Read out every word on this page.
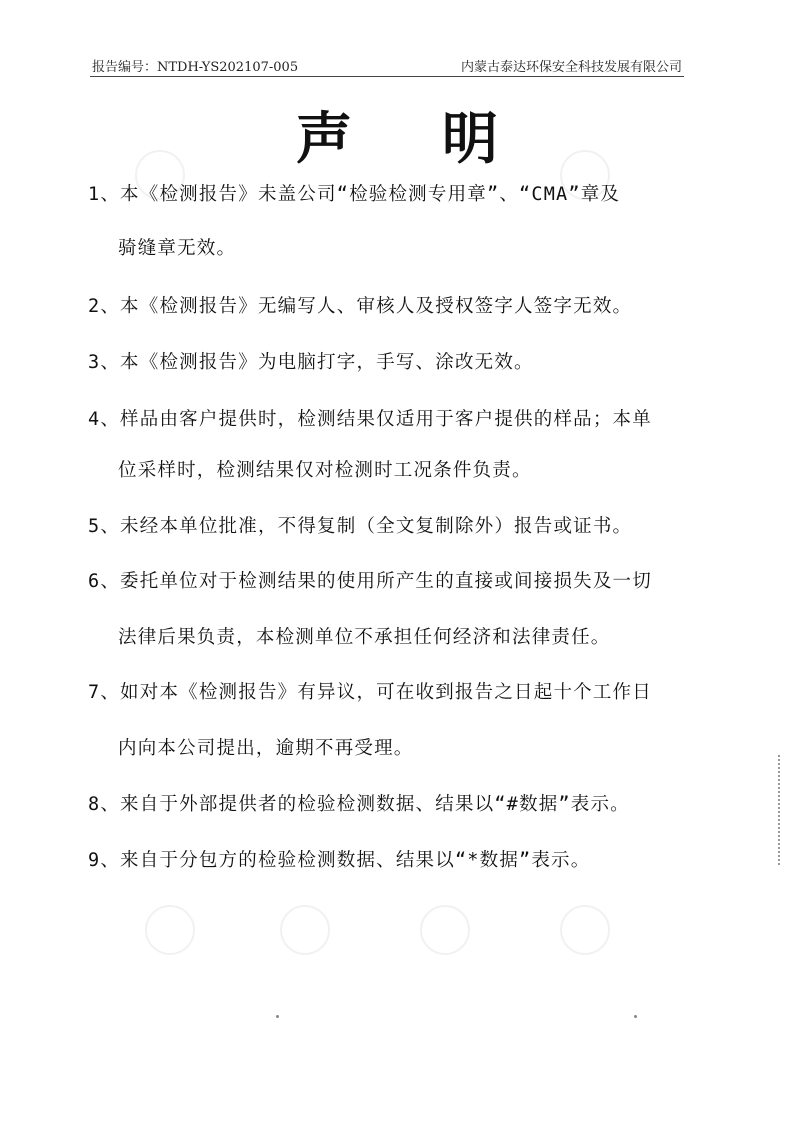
报告编号：NTDH-YS202107-005	内蒙古泰达环保安全科技发展有限公司
声明
1、本《检测报告》未盖公司“检验检测专用章”、“CMA”章及
骑缝章无效。
2、本《检测报告》无编写人、审核人及授权签字人签字无效。
3、本《检测报告》为电脑打字，手写、涂改无效。
4、样品由客户提供时，检测结果仅适用于客户提供的样品；本单
位采样时，检测结果仅对检测时工况条件负责。
5、未经本单位批准，不得复制（全文复制除外）报告或证书。
6、委托单位对于检测结果的使用所产生的直接或间接损失及一切
法律后果负责，本检测单位不承担任何经济和法律责任。
7、如对本《检测报告》有异议，可在收到报告之日起十个工作日
内向本公司提出，逾期不再受理。
8、来自于外部提供者的检验检测数据、结果以“#数据”表示。
9、来自于分包方的检验检测数据、结果以“*数据”表示。
